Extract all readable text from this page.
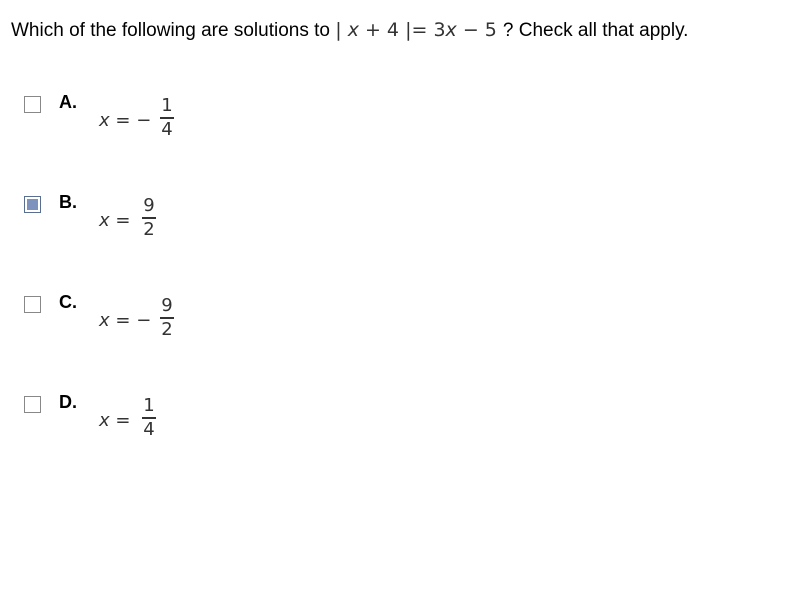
Which of the following are solutions to | x + 4 |= 3x − 5 ? Check all that apply.
A.
x = −
1
4
B.
x =
9
2
C.
x = −
9
2
D.
x =
1
4
